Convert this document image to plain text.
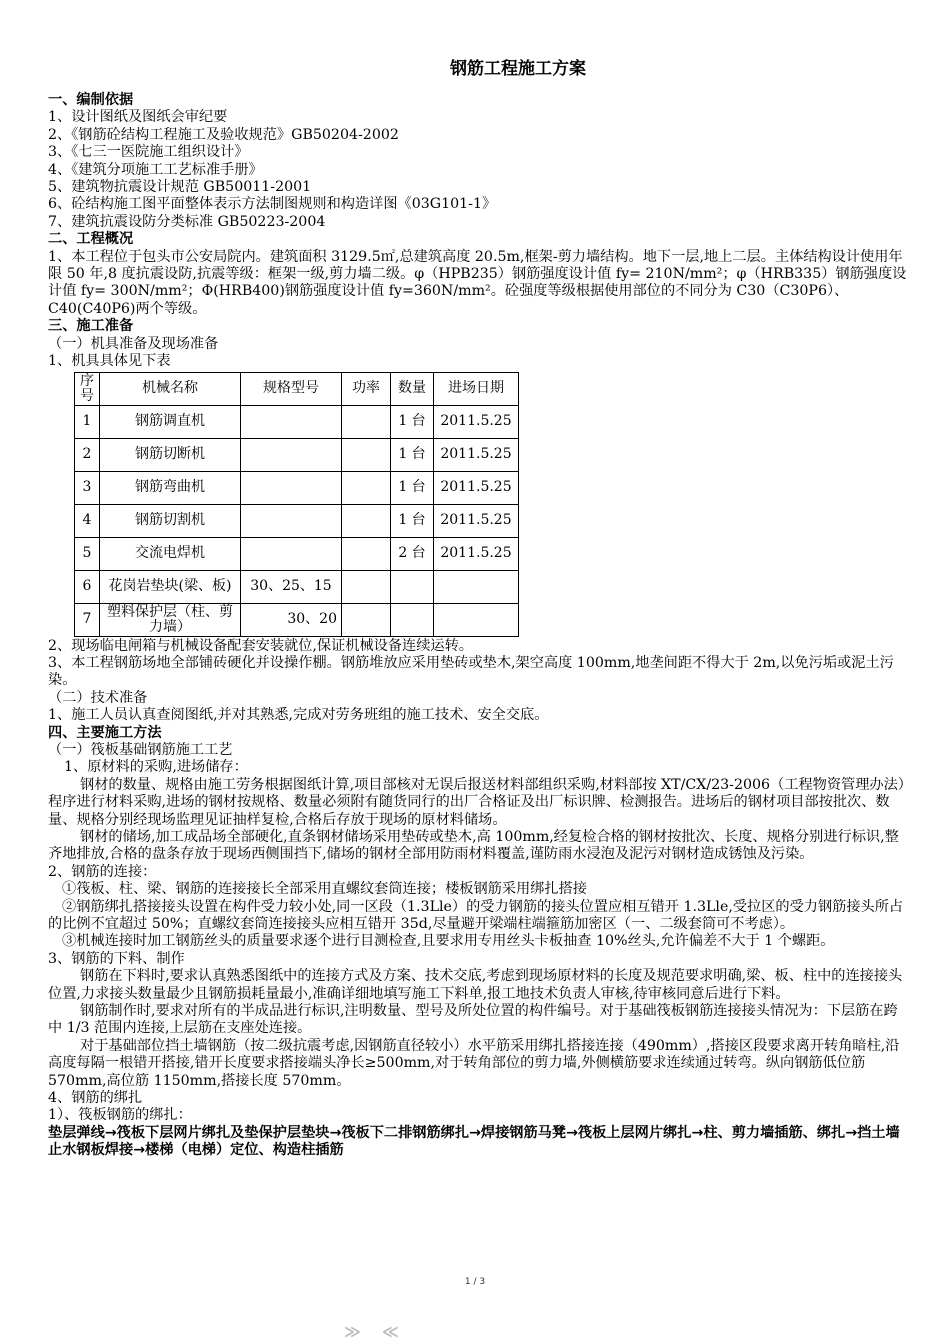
钢筋工程施工方案
一、编制依据
1、设计图纸及图纸会审纪要
2、《钢筋砼结构工程施工及验收规范》GB50204-2002
3、《七三一医院施工组织设计》
4、《建筑分项施工工艺标准手册》
5、建筑物抗震设计规范 GB50011-2001
6、砼结构施工图平面整体表示方法制图规则和构造详图《03G101-1》
7、建筑抗震设防分类标准 GB50223-2004
二、工程概况
1、本工程位于包头市公安局院内。建筑面积 3129.5㎡,总建筑高度 20.5m,框架-剪力墙结构。地下一层,地上二层。主体结构设计使用年限 50 年,8 度抗震设防,抗震等级：框架一级,剪力墙二级。φ（HPB235）钢筋强度设计值 fy= 210N/mm²；φ（HRB335）钢筋强度设计值 fy= 300N/mm²；Φ(HRB400)钢筋强度设计值 fy=360N/mm²。砼强度等级根据使用部位的不同分为 C30（C30P6）、C40(C40P6)两个等级。
三、施工准备
（一）机具准备及现场准备
1、机具具体见下表
序号	机械名称	规格型号	功率	数量	进场日期
1	钢筋调直机			1 台	2011.5.25
2	钢筋切断机			1 台	2011.5.25
3	钢筋弯曲机			1 台	2011.5.25
4	钢筋切割机			1 台	2011.5.25
5	交流电焊机			2 台	2011.5.25
6	花岗岩垫块(梁、板)	30、25、15			
7	塑料保护层（柱、剪力墙）	30、20			
2、现场临电闸箱与机械设备配套安装就位,保证机械设备连续运转。
3、本工程钢筋场地全部铺砖硬化并设操作棚。钢筋堆放应采用垫砖或垫木,架空高度 100mm,地垄间距不得大于 2m,以免污垢或泥土污染。
（二）技术准备
1、施工人员认真查阅图纸,并对其熟悉,完成对劳务班组的施工技术、安全交底。
四、主要施工方法
（一）筏板基础钢筋施工工艺
1、原材料的采购,进场储存：
钢材的数量、规格由施工劳务根据图纸计算,项目部核对无误后报送材料部组织采购,材料部按 XT/CX/23-2006（工程物资管理办法）程序进行材料采购,进场的钢材按规格、数量必须附有随货同行的出厂合格证及出厂标识牌、检测报告。进场后的钢材项目部按批次、数量、规格分别经现场监理见证抽样复检,合格后存放于现场的原材料储场。
钢材的储场,加工成品场全部硬化,直条钢材储场采用垫砖或垫木,高 100mm,经复检合格的钢材按批次、长度、规格分别进行标识,整齐地排放,合格的盘条存放于现场西侧围挡下,储场的钢材全部用防雨材料覆盖,谨防雨水浸泡及泥污对钢材造成锈蚀及污染。
2、钢筋的连接：
①筏板、柱、梁、钢筋的连接接长全部采用直螺纹套筒连接；楼板钢筋采用绑扎搭接
②钢筋绑扎搭接接头设置在构件受力较小处,同一区段（1.3Lle）的受力钢筋的接头位置应相互错开 1.3Lle,受拉区的受力钢筋接头所占的比例不宜超过 50%；直螺纹套筒连接接头应相互错开 35d,尽量避开梁端柱端箍筋加密区（一、二级套筒可不考虑）。
③机械连接时加工钢筋丝头的质量要求逐个进行目测检查,且要求用专用丝头卡板抽查 10%丝头,允许偏差不大于 1 个螺距。
3、钢筋的下料、制作
钢筋在下料时,要求认真熟悉图纸中的连接方式及方案、技术交底,考虑到现场原材料的长度及规范要求明确,梁、板、柱中的连接接头位置,力求接头数量最少且钢筋损耗量最小,准确详细地填写施工下料单,报工地技术负责人审核,待审核同意后进行下料。
钢筋制作时,要求对所有的半成品进行标识,注明数量、型号及所处位置的构件编号。对于基础筏板钢筋连接接头情况为：下层筋在跨中 1/3 范围内连接,上层筋在支座处连接。
对于基础部位挡土墙钢筋（按二级抗震考虑,因钢筋直径较小）水平筋采用绑扎搭接连接（490mm）,搭接区段要求离开转角暗柱,沿高度每隔一根错开搭接,错开长度要求搭接端头净长≥500mm,对于转角部位的剪力墙,外侧横筋要求连续通过转弯。纵向钢筋低位筋 570mm,高位筋 1150mm,搭接长度 570mm。
4、钢筋的绑扎
1）、筏板钢筋的绑扎：
垫层弹线→筏板下层网片绑扎及垫保护层垫块→筏板下二排钢筋绑扎→焊接钢筋马凳→筏板上层网片绑扎→柱、剪力墙插筋、绑扎→挡土墙止水钢板焊接→楼梯（电梯）定位、构造柱插筋
1 / 3
≫ ≪
